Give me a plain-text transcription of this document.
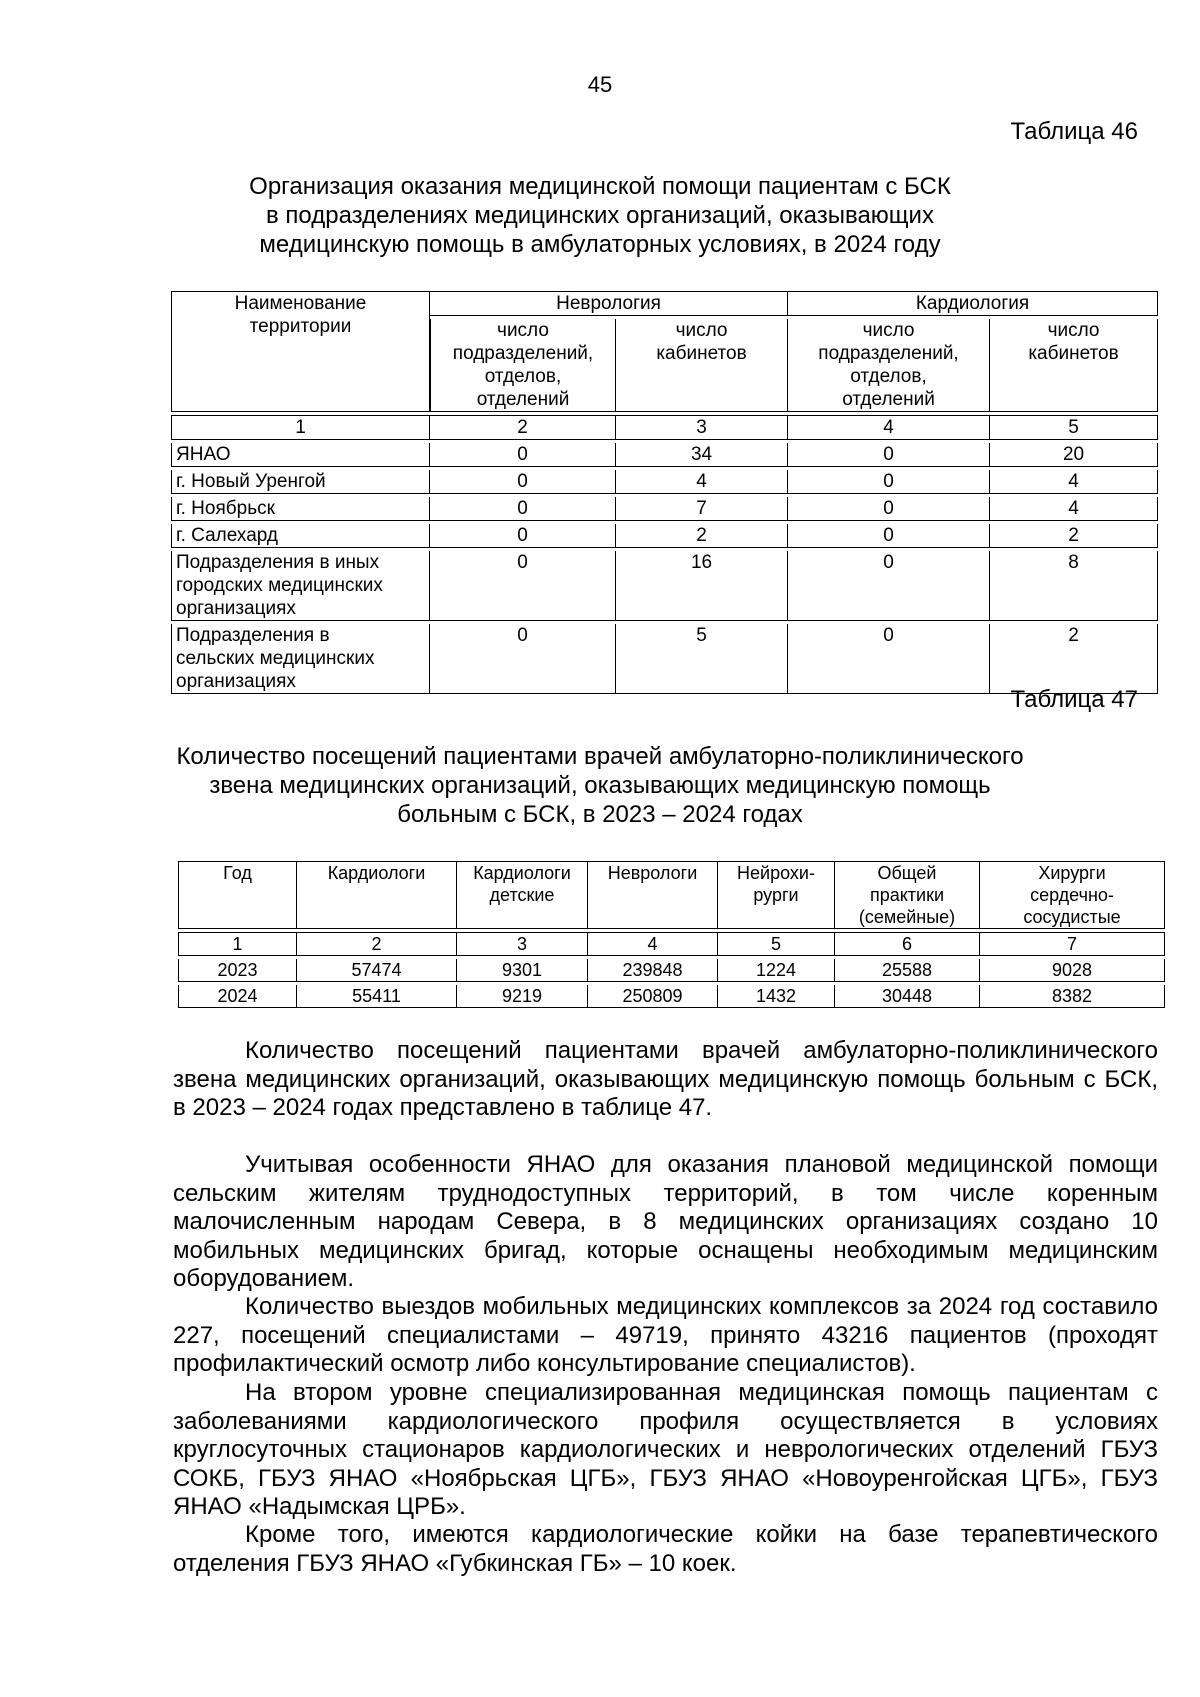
45
Таблица 46
Организация оказания медицинской помощи пациентам с БСК
в подразделениях медицинских организаций, оказывающих
медицинскую помощь в амбулаторных условиях, в 2024 году
Наименование
территории	Неврология		Кардиология	

	число
подразделений,
отделов,
отделений	число
кабинетов	число
подразделений,
отделов,
отделений	число
кабинетов

1	2	3	4	5

ЯНАО	0	34	0	20

г. Новый Уренгой	0	4	0	4

г. Ноябрьск	0	7	0	4

г. Салехард	0	2	0	2

Подразделения в иных
городских медицинских
организациях	0	16	0	8

Подразделения в
сельских медицинских
организациях	0	5	0	2
Таблица 47
Количество посещений пациентами врачей амбулаторно-поликлинического
звена медицинских организаций, оказывающих медицинскую помощь
больным с БСК, в 2023 – 2024 годах
Год	Кардиологи	Кардиологи
детские	Неврологи	Нейрохи-
рурги	Общей
практики
(семейные)	Хирурги
сердечно-
сосудистые

1	2	3	4	5	6	7
2023	57474	9301	239848	1224	25588	9028
2024	55411	9219	250809	1432	30448	8382
Количество посещений пациентами врачей амбулаторно-поликлинического звена медицинских организаций, оказывающих медицинскую помощь больным с БСК, в 2023 – 2024 годах представлено в таблице 47.
Учитывая особенности ЯНАО для оказания плановой медицинской помощи сельским жителям труднодоступных территорий, в том числе коренным малочисленным народам Севера, в 8 медицинских организациях создано 10 мобильных медицинских бригад, которые оснащены необходимым медицинским оборудованием.
Количество выездов мобильных медицинских комплексов за 2024 год составило 227, посещений специалистами – 49719, принято 43216 пациентов (проходят профилактический осмотр либо консультирование специалистов).
На втором уровне специализированная медицинская помощь пациентам с заболеваниями кардиологического профиля осуществляется в условиях круглосуточных стационаров кардиологических и неврологических отделений ГБУЗ СОКБ, ГБУЗ ЯНАО «Ноябрьская ЦГБ», ГБУЗ ЯНАО «Новоуренгойская ЦГБ», ГБУЗ ЯНАО «Надымская ЦРБ».
Кроме того, имеются кардиологические койки на базе терапевтического отделения ГБУЗ ЯНАО «Губкинская ГБ» – 10 коек.
